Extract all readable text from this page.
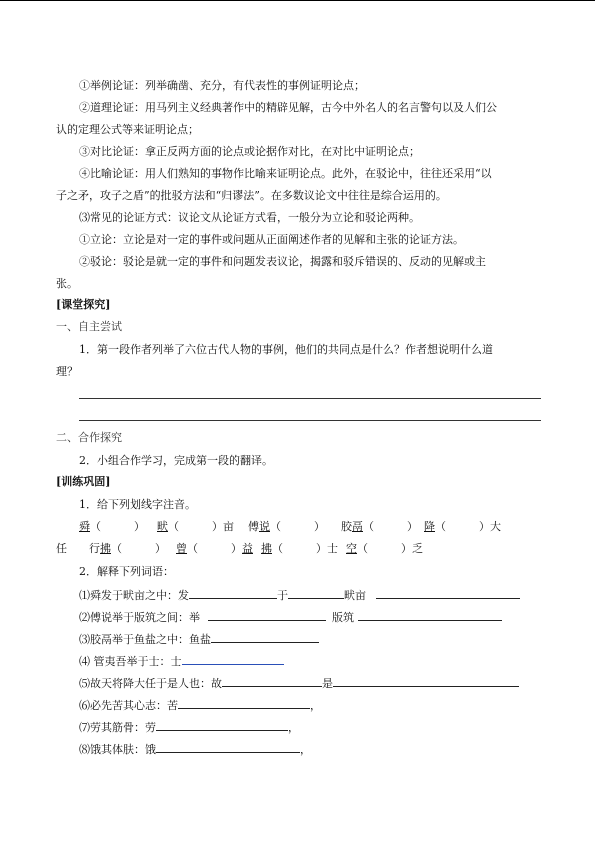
①举例论证：列举确凿、充分，有代表性的事例证明论点；
②道理论证：用马列主义经典著作中的精辟见解，古今中外名人的名言警句以及人们公
认的定理公式等来证明论点；
③对比论证：拿正反两方面的论点或论据作对比，在对比中证明论点；
④比喻论证：用人们熟知的事物作比喻来证明论点。此外，在驳论中，往往还采用“以
子之矛，攻子之盾”的批驳方法和“归谬法”。在多数议论文中往往是综合运用的。
⑶常见的论证方式：议论文从论证方式看，一般分为立论和驳论两种。
①立论：立论是对一定的事件或问题从正面阐述作者的见解和主张的论证方法。
②驳论：驳论是就一定的事件和问题发表议论，揭露和驳斥错误的、反动的见解或主
张。
[课堂探究]
一、自主尝试
1．第一段作者列举了六位古代人物的事例，他们的共同点是什么？作者想说明什么道
理？
二、合作探究
2．小组合作学习，完成第一段的翻译。
[训练巩固]
1．给下列划线字注音。
舜（　　　） 畎（　　　）亩 傅说（　　　） 胶鬲（　　　） 降（　　　）大
任　　行拂（　　　） 曾（　　　）益 拂（　　　）士 空（　　　）乏
2．解释下列词语：
⑴舜发于畎亩之中：发	于	畎亩
⑵傅说举于版筑之间：举	版筑
⑶胶鬲举于鱼盐之中：鱼盐
⑷ 管夷吾举于士：士
⑸故天将降大任于是人也：故	是
⑹必先苦其心志：苦	，
⑺劳其筋骨：劳	，
⑻饿其体肤：饿	，
